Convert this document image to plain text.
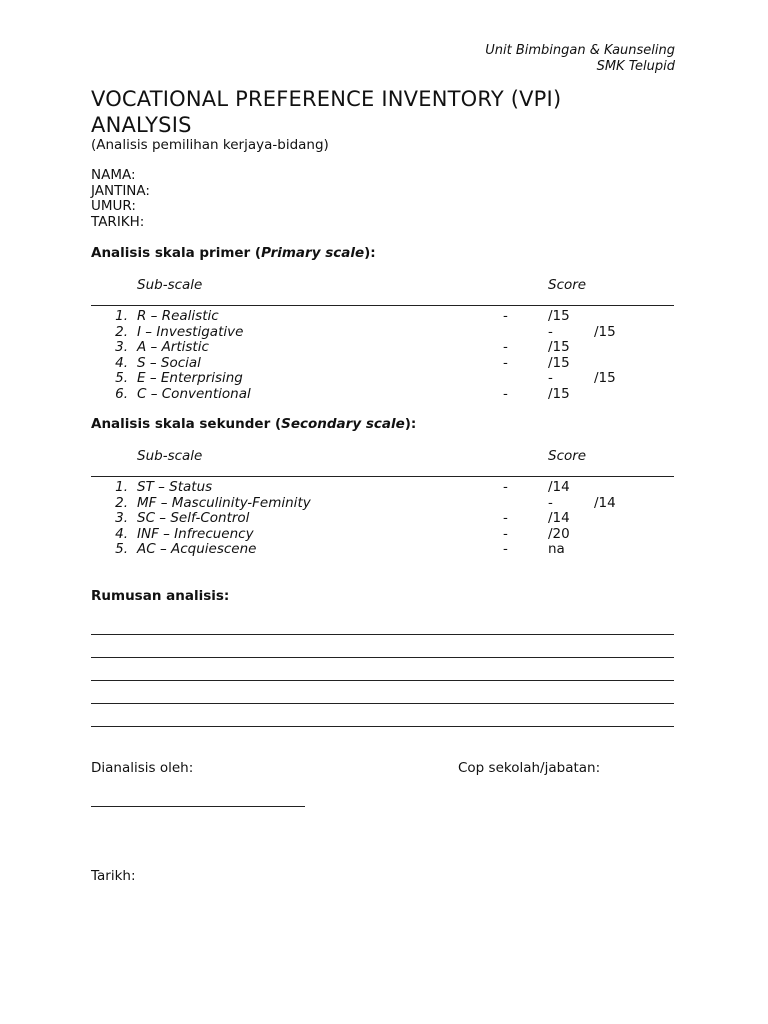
Unit Bimbingan & Kaunseling
SMK Telupid
VOCATIONAL PREFERENCE INVENTORY (VPI)
ANALYSIS
(Analisis pemilihan kerjaya-bidang)
NAMA:
JANTINA:
UMUR:
TARIKH:
Analisis skala primer (Primary scale):
Sub-scale	Score
1. R – Realistic	-	/15
2. I – Investigative	-	/15
3. A – Artistic	-	/15
4. S – Social	-	/15
5. E – Enterprising	-	/15
6. C – Conventional	-	/15
Analisis skala sekunder (Secondary scale):
Sub-scale	Score
1. ST – Status	-	/14
2. MF – Masculinity-Feminity	-	/14
3. SC – Self-Control	-	/14
4. INF – Infrecuency	-	/20
5. AC – Acquiescene	-	na
Rumusan analisis:
Dianalisis oleh:	Cop sekolah/jabatan:
Tarikh:
